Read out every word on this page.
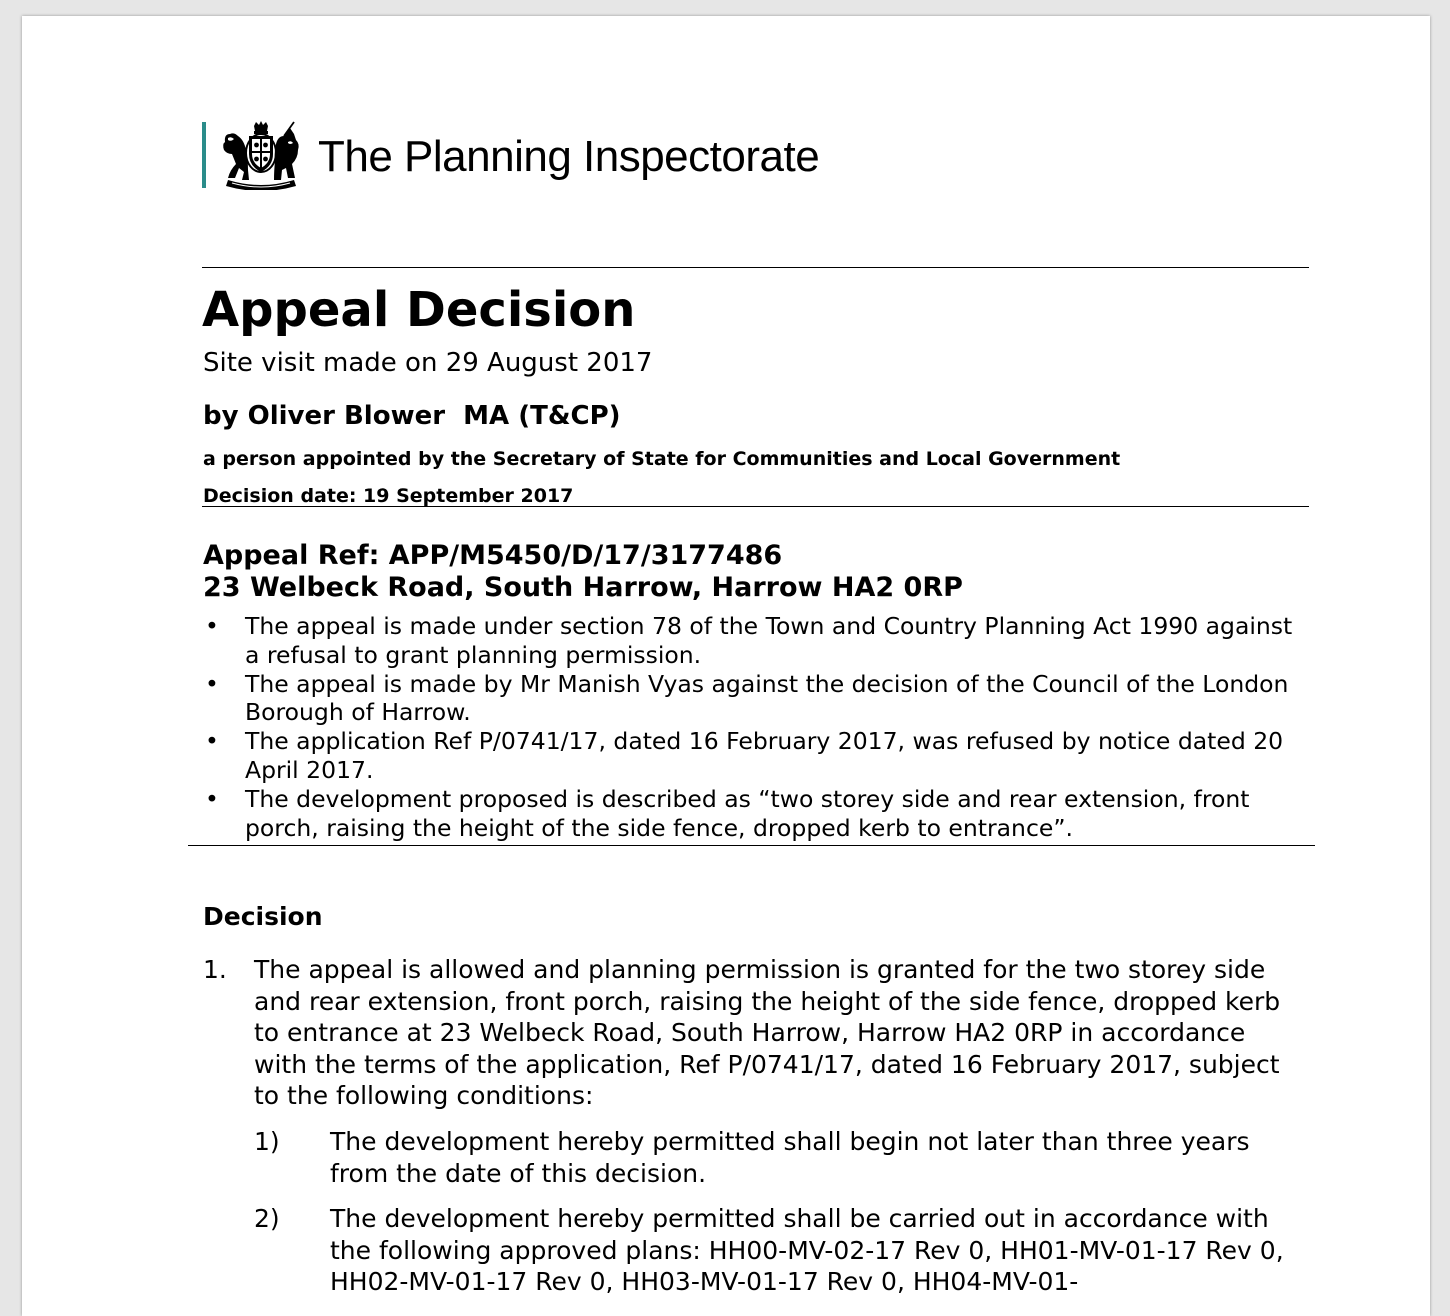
The Planning Inspectorate
Appeal Decision
Site visit made on 29 August 2017
by Oliver Blower  MA (T&CP)
a person appointed by the Secretary of State for Communities and Local Government
Decision date: 19 September 2017
Appeal Ref: APP/M5450/D/17/3177486
23 Welbeck Road, South Harrow, Harrow HA2 0RP
• The appeal is made under section 78 of the Town and Country Planning Act 1990 against a refusal to grant planning permission.
• The appeal is made by Mr Manish Vyas against the decision of the Council of the London Borough of Harrow.
• The application Ref P/0741/17, dated 16 February 2017, was refused by notice dated 20 April 2017.
• The development proposed is described as “two storey side and rear extension, front porch, raising the height of the side fence, dropped kerb to entrance”.
Decision
1. The appeal is allowed and planning permission is granted for the two storey side and rear extension, front porch, raising the height of the side fence, dropped kerb to entrance at 23 Welbeck Road, South Harrow, Harrow HA2 0RP in accordance with the terms of the application, Ref P/0741/17, dated 16 February 2017, subject to the following conditions:
1) The development hereby permitted shall begin not later than three years from the date of this decision.
2) The development hereby permitted shall be carried out in accordance with the following approved plans: HH00-MV-02-17 Rev 0, HH01-MV-01-17 Rev 0, HH02-MV-01-17 Rev 0, HH03-MV-01-17 Rev 0, HH04-MV-01-
